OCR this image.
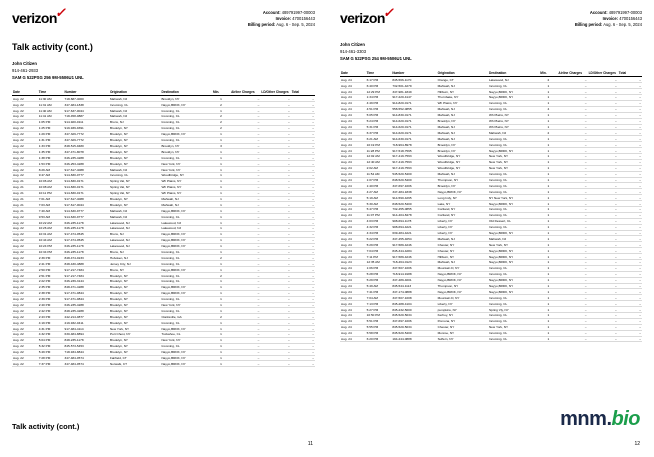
verizon
✓	Account: 489791997-00003
Invoice: 4700156443
Billing period: Aug. 6 - Sep. 5, 2024
Talk activity (cont.)
John Citizen
914-461-2933
SAM G 522PSG 256 9M-5506U1 UNL
Date	Time	Number	Origination	Destination	Min.	Airline Charges	LD/Other Charges	Total
Aug. 22	11:30 AM	718-687-4000	Mahwah, NJ	Brooklyn, NY	1	–	–	–
Aug. 22	11:31 AM	347-484-1838	Incoming, CL	Nayyo,BRDK, NY	2	–	–	–
Aug. 22	11:40 AM	917-637-0044	Mahwah, NJ	Incoming, CL	1	–	–	–
Aug. 22	11:41 AM	718-458-0887	Mahwah, NJ	Incoming, CL	2	–	–	–
Aug. 22	1:05 PM	914-920-0111	Bronx, NJ	Incoming, CL	2	–	–	–
Aug. 22	1:25 PM	919-939-9391	Brooklyn, NY	Incoming, CL	2	–	–	–
Aug. 22	1:29 PM	347-329-7772	Brooklyn, NY	Nayyo,BRDK, NY	1	–	–	–
Aug. 22	1:31 PM	347-329-7772	Brooklyn, NY	Incoming, CL	1	–	–	–
Aug. 22	1:33 PM	848-515-9480	Brooklyn, NY	Brooklyn, NY	3	–	–	–
Aug. 22	1:35 PM	347-471-8078	Brooklyn, NY	Brooklyn, NY	1	–	–	–
Aug. 22	1:38 PM	646-235-4288	Brooklyn, NY	Incoming, CL	1	–	–	–
Aug. 22	1:53 PM	646-253-4288	Brooklyn, NY	New York, NY	1	–	–	–
Aug. 22	8:29 AM	917-617-4088	Mahwah, NJ	New York, NY	1	–	–	–
Aug. 22	9:47 AM	914-830-0777	Incoming, CL	Woodbridge, NY	1	–	–	–
Aug. 21	10:06 AM	914-830-0171	Spring Val, NY	Wh Plains, NY	1	–	–	–
Aug. 21	10:08 AM	914-830-0171	Spring Val, NY	Wh Plains, NY	1	–	–	–
Aug. 21	10:11 PM	914-830-0171	Spring Val, NY	Wh Plains, NY	1	–	–	–
Aug. 21	7:01 AM	917-617-4088	Brooklyn, NY	Mahwah, NJ	1	–	–	–
Aug. 21	7:03 AM	917-617-0044	Brooklyn, NY	Mahwah, NJ	1	–	–	–
Aug. 21	7:40 AM	914-630-9777	Mahwah, NJ	Nayyo,BRDK, NY	1	–	–	–
Aug. 22	9:53 AM	914-630-9777	Mahwah, NJ	Incoming, CL	1	–	–	–
Aug. 22	10:22 AM	646-235-1178	Lakewood, NJ	Lakewood, NJ	1	–	–	–
Aug. 22	10:26 AM	646-235-1178	Lakewood, NJ	Lakewood, NJ	1	–	–	–
Aug. 22	10:31 AM	917-474-0545	Bronx, NJ	Nayyo,BRDK, NY	1	–	–	–
Aug. 22	10:44 AM	917-474-0545	Lakewood, NJ	Nayyo,BRDK, NY	1	–	–	–
Aug. 22	10:24 PM	646-235-1178	Lakewood, NJ	Nayyo,BRDK, NY	1	–	–	–
Aug. 22	10:34 PM	646-235-1178	Bronx, NJ	Incoming, CL	1	–	–	–
Aug. 22	2:39 PM	848-474-0233	Hoboken, NJ	Incoming, CL	2	–	–	–
Aug. 22	2:41 PM	848-430-4888	Jersey City, NJ	Incoming, CL	1	–	–	–
Aug. 22	2:50 PM	917-217-7484	Bronx, NY	Nayyo,BRDK, NY	1	–	–	–
Aug. 22	2:51 PM	917-217-7484	Brooklyn, NY	Incoming, CL	2	–	–	–
Aug. 22	2:22 PM	646-239-3144	Brooklyn, NY	Incoming, CL	1	–	–	–
Aug. 22	2:35 PM	848-471-4288	Brooklyn, NY	Nayyo,BRDK, NY	1	–	–	–
Aug. 22	2:38 PM	917-471-0844	Brooklyn, NY	Nayyo,BRDK, NY	1	–	–	–
Aug. 22	2:39 PM	917-471-0844	Brooklyn, NY	Incoming, CL	1	–	–	–
Aug. 22	2:40 PM	646-235-4288	Brooklyn, NY	New York, NY	1	–	–	–
Aug. 22	2:42 PM	848-235-4288	Brooklyn, NY	Incoming, CL	1	–	–	–
Aug. 22	2:43 PM	242-214-0877	Brooklyn, NY	Clarksville, GA	2	–	–	–
Aug. 22	4:19 PM	219-932-0411	Brooklyn, NY	Incoming, CL	1	–	–	–
Aug. 22	4:31 PM	917-484-4114	New York, NY	Nayyo,BRDK, NY	1	–	–	–
Aug. 22	4:32 PM	630-484-8894	Port Chest, NY	Tuckahoe, CL	1	–	–	–
Aug. 22	5:04 PM	848-235-1178	Brooklyn, NY	New York, NY	1	–	–	–
Aug. 22	5:32 PM	845-573-5453	Brooklyn, NY	Incoming, CL	1	–	–	–
Aug. 22	5:49 PM	718-934-8844	Brooklyn, NY	Nayyo,BRDK, NY	1	–	–	–
Aug. 22	7:28 PM	347-484-0574	Fairfield, CT	Nayyo,BRDK, NY	1	–	–	–
Aug. 22	7:37 PM	347-484-0574	Norwalk, CT	Nayyo,BRDK, NY	1	–	–	–
Talk activity (cont.)
11
verizon
✓	Account: 489791997-00003
Invoice: 4700156443
Billing period: Aug. 6 - Sep. 5, 2024
John Citizen
914-461-3303
SAM G 522PSG 254 9M-5506U1 UNL
Date	Time	Number	Origination	Destination	Min.	Airline Charges	LD/Other Charges	Total
Aug. 24	6:17 PM	845-566-1170	Orange, CT	Lakewood, NJ	2	–	–	–
Aug. 24	6:40 PM	732-501-4279	Mahwah, NJ	Incoming, CL	1	–	–	–
Aug. 24	12:29 PM	347-981-1849	Hillburn, NY	Nayyo,BRDK, NY	1	–	–	–
Aug. 24	1:34 PM	917-220-4147	Thornbake, NY	Nayyo,BRDK, NY	1	–	–	–
Aug. 24	4:49 PM	914-820-0171	Wh Plains, NY	Incoming, CL	1	–	–	–
Aug. 24	4:51 PM	558-552-0855	Mahwah, NJ	Incoming, CL	4	–	–	–
Aug. 24	5:05 PM	914-830-0171	Mahwah, NJ	Wh Plains, NY	1	–	–	–
Aug. 24	5:24 PM	914-620-0171	Brooklyn, NY	Wh Plains, NY	1	–	–	–
Aug. 24	5:31 PM	914-620-0171	Mahwah, NJ	Wh Plains, NY	1	–	–	–
Aug. 24	6:37 PM	914-620-0171	Mahwah, NJ	Mahwah, NJ	2	–	–	–
Aug. 24	6:21 AM	914-630-0171	Mahwah, NJ	Incoming, CL	1	–	–	–
Aug. 24	10:19 PM	718-964-8978	Brooklyn, NY	Incoming, CL	1	–	–	–
Aug. 24	11:28 PM	917-518-7595	Brooklyn, NY	Nayyo,BRDK, NY	1	–	–	–
Aug. 24	12:02 AM	917-419-7593	Woodbridge, NY	New York, NY	1	–	–	–
Aug. 24	12:40 AM	917-419-7593	Woodbridge, NY	New York, NY	1	–	–	–
Aug. 24	2:02 AM	917-419-7593	Woodbridge, NY	New York, NY	1	–	–	–
Aug. 24	11:54 AM	545-520-5400	Mahwah, NJ	Incoming, CL	1	–	–	–
Aug. 24	1:07 PM	848-520-5400	Thompson, NY	Incoming, CL	1	–	–	–
Aug. 24	1:40 PM	347-697-1006	Brooklyn, NY	Incoming, CL	1	–	–	–
Aug. 24	4:27 AM	347-484-1838	Nayyo,BRDK, NY	Incoming, CL	1	–	–	–
Aug. 24	5:19 AM	914-590-4295	Long Indy, NY	NY New York, NY	1	–	–	–
Aug. 24	5:30 AM	848-520-5400	Lake, NY	Nayyo,BRDK, NY	1	–	–	–
Aug. 24	5:47 PM	732-455-0855	Cortland, NY	Incoming, CL	1	–	–	–
Aug. 24	11:07 PM	914-404-8478	Cortland, NY	Incoming, CL	1	–	–	–
Aug. 24	4:03 PM	908-694-1178	Liberty, NY	Old Dessert, CL	1	–	–	–
Aug. 24	4:32 PM	908-694-4221	Liberty, NY	Incoming, CL	1	–	–	–
Aug. 24	4:34 PM	639-484-4221	Liberty, NY	Nayyo,BRDK, NY	1	–	–	–
Aug. 24	5:22 PM	347-455-4054	Mahwah, NJ	Mahwah, NJ	1	–	–	–
Aug. 24	5:29 PM	917-589-4246	Chester, NY	New York, NY	1	–	–	–
Aug. 24	7:04 PM	845-344-4284	Chester, NY	Nayyo,BRDK, NY	1	–	–	–
Aug. 24	7:11 PM	917-589-4246	Hillburn, NY	Nayyo,BRDK, NY	1	–	–	–
Aug. 24	12:35 AM	718-464-0123	Mahwah, NJ	Nayyo,BRDK, NY	1	–	–	–
Aug. 24	1:06 PM	347-507-1006	Mountain D, NY	Incoming, CL	1	–	–	–
Aug. 24	5:28 PM	718-914-9188	Nayyo,BRDK, NY	Incoming, CL	1	–	–	–
Aug. 24	5:29 PM	347-489-4001	Nayyo,BRDK, NY	Nayyo,BRDK, NY	1	–	–	–
Aug. 24	5:49 AM	845-544-1113	Thompson, NY	Nayyo,BRDK, NY	1	–	–	–
Aug. 24	7:41 PM	347-174-0888	Nayyo,BRDK, NY	Nayyo,BRDK, NY	1	–	–	–
Aug. 24	7:04 AM	347-507-1008	Mountain D, NY	Incoming, CL	1	–	–	–
Aug. 24	7:13 PM	845-288-4104	Liberty, NY	Incoming, CL	1	–	–	–
Aug. 24	5:27 PM	845-232-5000	pumpkins, NY	Spring Vly, NY	1	–	–	–
Aug. 24	10:50 PM	845-520-5034	Kerhoy, NY	Incoming, CL	1	–	–	–
Aug. 24	5:51 PM	347-697-1006	Pomona, NY	Incoming, CL	1	–	–	–
Aug. 24	5:55 PM	845-520-5034	Chester, NY	New York, NY	1	–	–	–
Aug. 24	5:58 PM	845-520-5400	Monroe, NY	Incoming, CL	1	–	–	–
Aug. 24	6:20 PM	194-244-0888	Suffern, NY	Incoming, CL	1	–	–	–
mnm.bio
12
